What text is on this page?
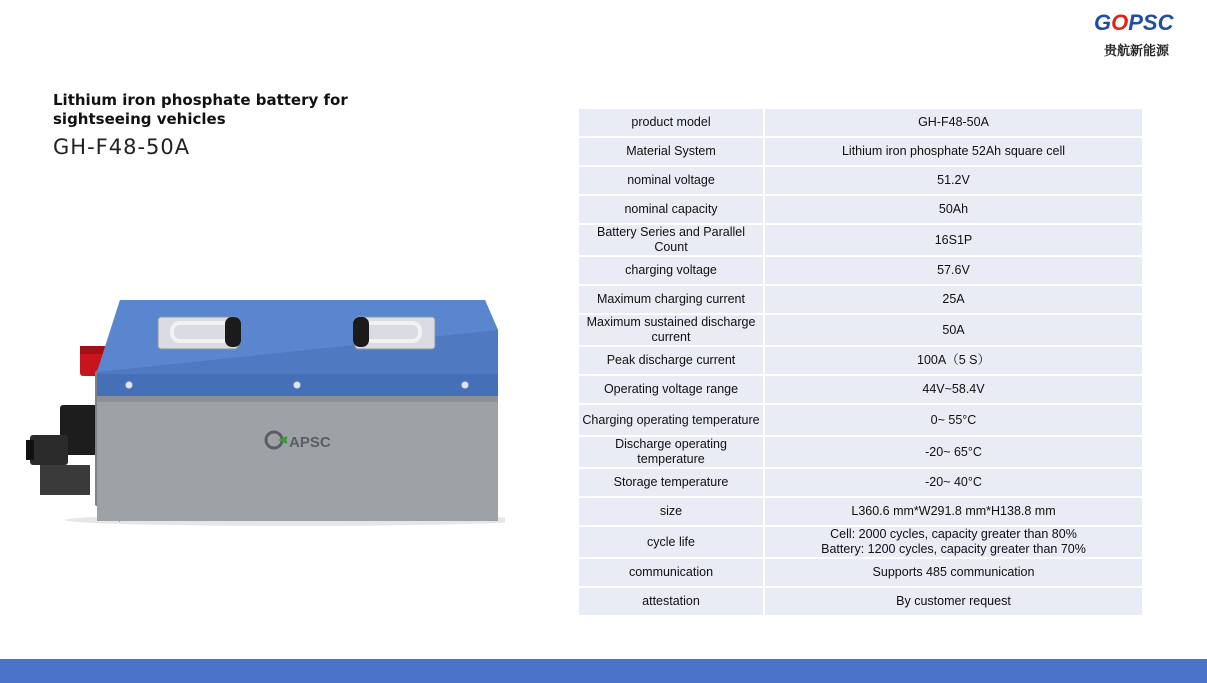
GOPSC
贵航新能源
Lithium iron phosphate battery for sightseeing vehicles
GH-F48-50A
APSC
product model	GH-F48-50A
Material System	Lithium iron phosphate 52Ah square cell
nominal voltage	51.2V
nominal capacity	50Ah
Battery Series and Parallel Count	16S1P
charging voltage	57.6V
Maximum charging current	25A
Maximum sustained discharge current	50A
Peak discharge current	100A（5 S）
Operating voltage range	44V~58.4V
Charging operating temperature	0~ 55°C
Discharge operating temperature	-20~ 65°C
Storage temperature	-20~ 40°C
size	L360.6 mm*W291.8 mm*H138.8 mm
cycle life	Cell: 2000 cycles, capacity greater than 80%
Battery: 1200 cycles, capacity greater than 70%

communication	Supports 485 communication
attestation	By customer request
